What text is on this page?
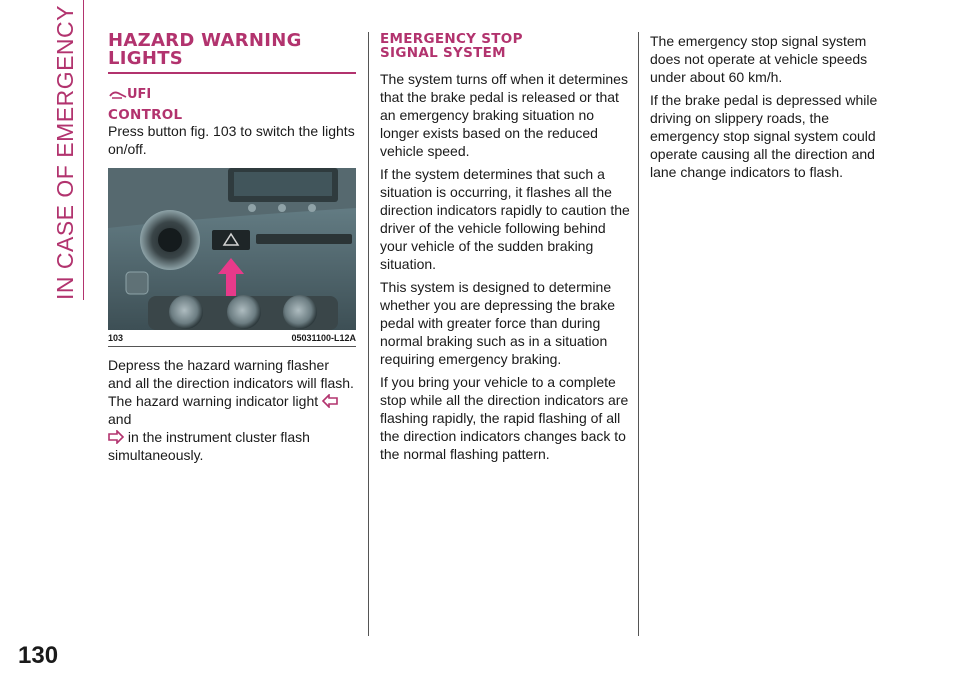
IN CASE OF EMERGENCY
130
HAZARD WARNING LIGHTS
UFI
CONTROL

Press button fig. 103 to switch the lights on/off.

103	05031100-L12A

Depress the hazard warning flasher and all the direction indicators will flash. The hazard warning indicator light  and
in the instrument cluster flash simultaneously.

EMERGENCY STOP SIGNAL SYSTEM

The system turns off when it determines that the brake pedal is released or that an emergency braking situation no longer exists based on the reduced vehicle speed.

If the system determines that such a situation is occurring, it flashes all the direction indicators rapidly to caution the driver of the vehicle following behind your vehicle of the sudden braking situation.

This system is designed to determine whether you are depressing the brake pedal with greater force than during normal braking such as in a situation requiring emergency braking.

If you bring your vehicle to a complete stop while all the direction indicators are flashing rapidly, the rapid flashing of all the direction indicators changes back to the normal flashing pattern.

The emergency stop signal system does not operate at vehicle speeds under about 60 km/h.

If the brake pedal is depressed while driving on slippery roads, the emergency stop signal system could operate causing all the direction and lane change indicators to flash.
